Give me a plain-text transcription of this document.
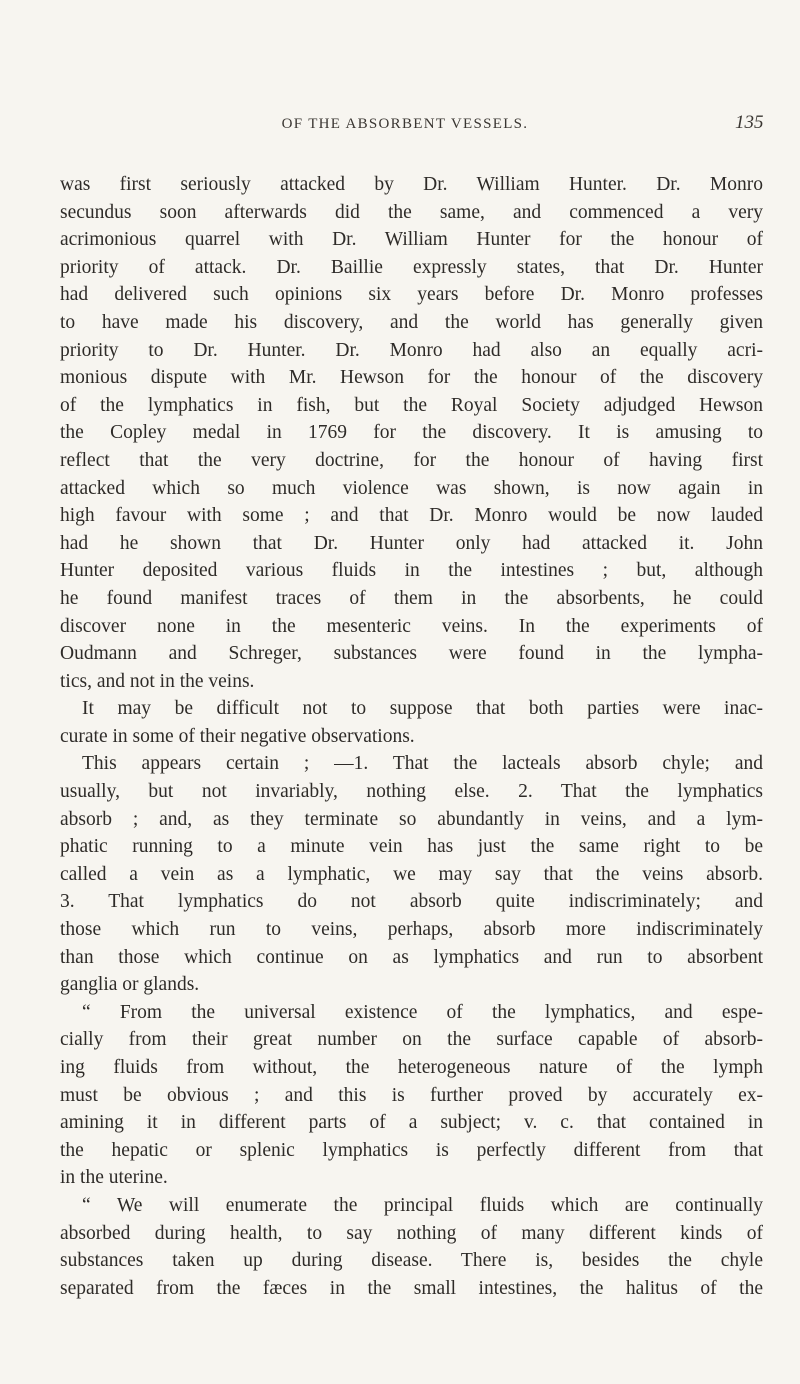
OF THE ABSORBENT VESSELS.	135
was first seriously attacked by Dr. William Hunter. Dr. Monro
secundus soon afterwards did the same, and commenced a very
acrimonious quarrel with Dr. William Hunter for the honour of
priority of attack. Dr. Baillie expressly states, that Dr. Hunter
had delivered such opinions six years before Dr. Monro professes
to have made his discovery, and the world has generally given
priority to Dr. Hunter. Dr. Monro had also an equally acri-
monious dispute with Mr. Hewson for the honour of the discovery
of the lymphatics in fish, but the Royal Society adjudged Hewson
the Copley medal in 1769 for the discovery. It is amusing to
reflect that the very doctrine, for the honour of having first
attacked which so much violence was shown, is now again in
high favour with some ; and that Dr. Monro would be now lauded
had he shown that Dr. Hunter only had attacked it. John
Hunter deposited various fluids in the intestines ; but, although
he found manifest traces of them in the absorbents, he could
discover none in the mesenteric veins. In the experiments of
Oudmann and Schreger, substances were found in the lympha-
tics, and not in the veins.
It may be difficult not to suppose that both parties were inac-
curate in some of their negative observations.
This appears certain ; —1. That the lacteals absorb chyle; and
usually, but not invariably, nothing else. 2. That the lymphatics
absorb ; and, as they terminate so abundantly in veins, and a lym-
phatic running to a minute vein has just the same right to be
called a vein as a lymphatic, we may say that the veins absorb.
3. That lymphatics do not absorb quite indiscriminately; and
those which run to veins, perhaps, absorb more indiscriminately
than those which continue on as lymphatics and run to absorbent
ganglia or glands.
“ From the universal existence of the lymphatics, and espe-
cially from their great number on the surface capable of absorb-
ing fluids from without, the heterogeneous nature of the lymph
must be obvious ; and this is further proved by accurately ex-
amining it in different parts of a subject; v. c. that contained in
the hepatic or splenic lymphatics is perfectly different from that
in the uterine.
“ We will enumerate the principal fluids which are continually
absorbed during health, to say nothing of many different kinds of
substances taken up during disease. There is, besides the chyle
separated from the fæces in the small intestines, the halitus of the
